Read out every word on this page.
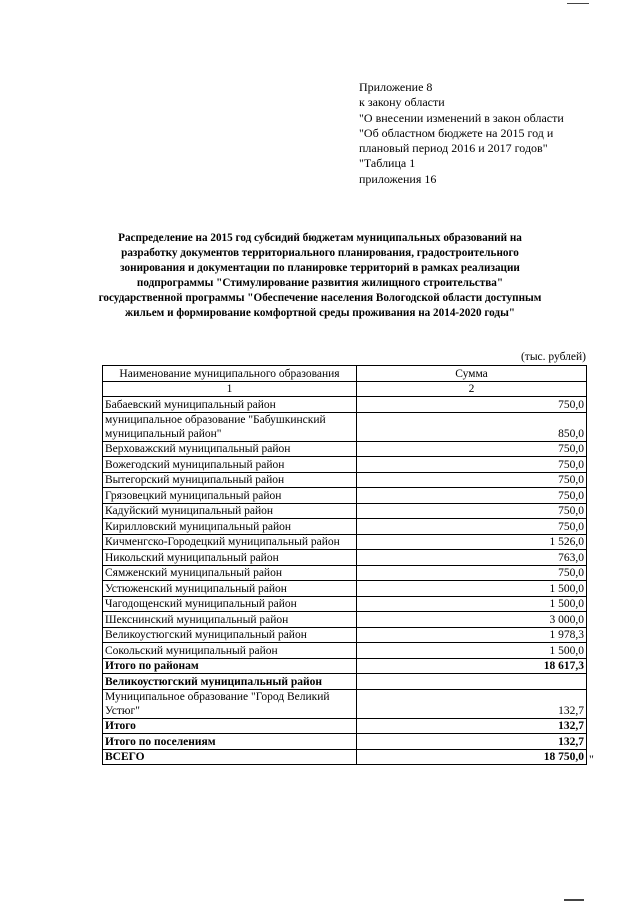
Приложение 8
к закону области
"О внесении изменений в закон области
"Об областном бюджете на 2015 год и
плановый период 2016 и 2017 годов"
"Таблица 1
приложения 16
Распределение на 2015 год субсидий бюджетам муниципальных образований на
разработку документов территориального планирования, градостроительного
зонирования и документации по планировке территорий в рамках реализации
подпрограммы "Стимулирование развития жилищного строительства"
государственной программы "Обеспечение населения Вологодской области доступным
жильем и формирование комфортной среды проживания на 2014-2020 годы"
(тыс. рублей)
Наименование муниципального образования	Сумма
1	2
Бабаевский муниципальный район	750,0
муниципальное образование "Бабушкинский муниципальный район"	850,0
Верховажский муниципальный район	750,0
Вожегодский муниципальный район	750,0
Вытегорский муниципальный район	750,0
Грязовецкий муниципальный район	750,0
Кадуйский муниципальный район	750,0
Кирилловский муниципальный район	750,0
Кичменгско-Городецкий муниципальный район	1 526,0
Никольский муниципальный район	763,0
Сямженский муниципальный район	750,0
Устюженский муниципальный район	1 500,0
Чагодощенский муниципальный район	1 500,0
Шекснинский муниципальный район	3 000,0
Великоустюгский муниципальный район	1 978,3
Сокольский муниципальный район	1 500,0
Итого по районам	18 617,3
Великоустюгский муниципальный район	
Муниципальное образование "Город Великий Устюг"	132,7
Итого	132,7
Итого по поселениям	132,7
ВСЕГО	18 750,0 "
